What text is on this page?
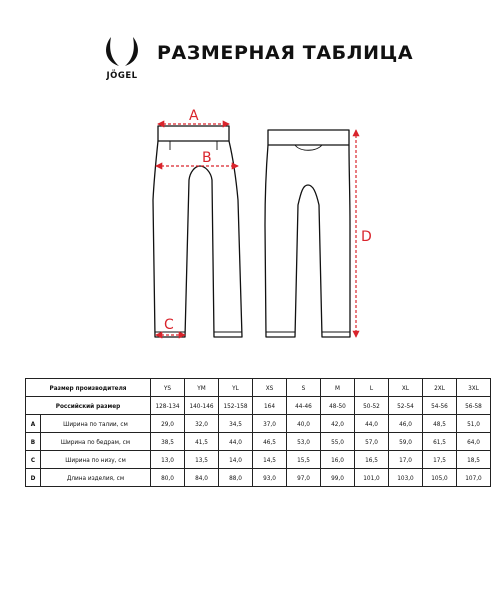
JÖGEL
РАЗМЕРНАЯ ТАБЛИЦА
A
B
C
D
Размер производителя		YS	YM	YL	XS	S	M	L	XL	2XL	3XL
Российский размер		128-134	140-146	152-158	164	44-46	48-50	50-52	52-54	54-56	56-58
A	Ширина по талии, см	29,0	32,0	34,5	37,0	40,0	42,0	44,0	46,0	48,5	51,0
B	Ширина по бедрам, см	38,5	41,5	44,0	46,5	53,0	55,0	57,0	59,0	61,5	64,0
C	Ширина по низу, см	13,0	13,5	14,0	14,5	15,5	16,0	16,5	17,0	17,5	18,5
D	Длина изделия, см	80,0	84,0	88,0	93,0	97,0	99,0	101,0	103,0	105,0	107,0
